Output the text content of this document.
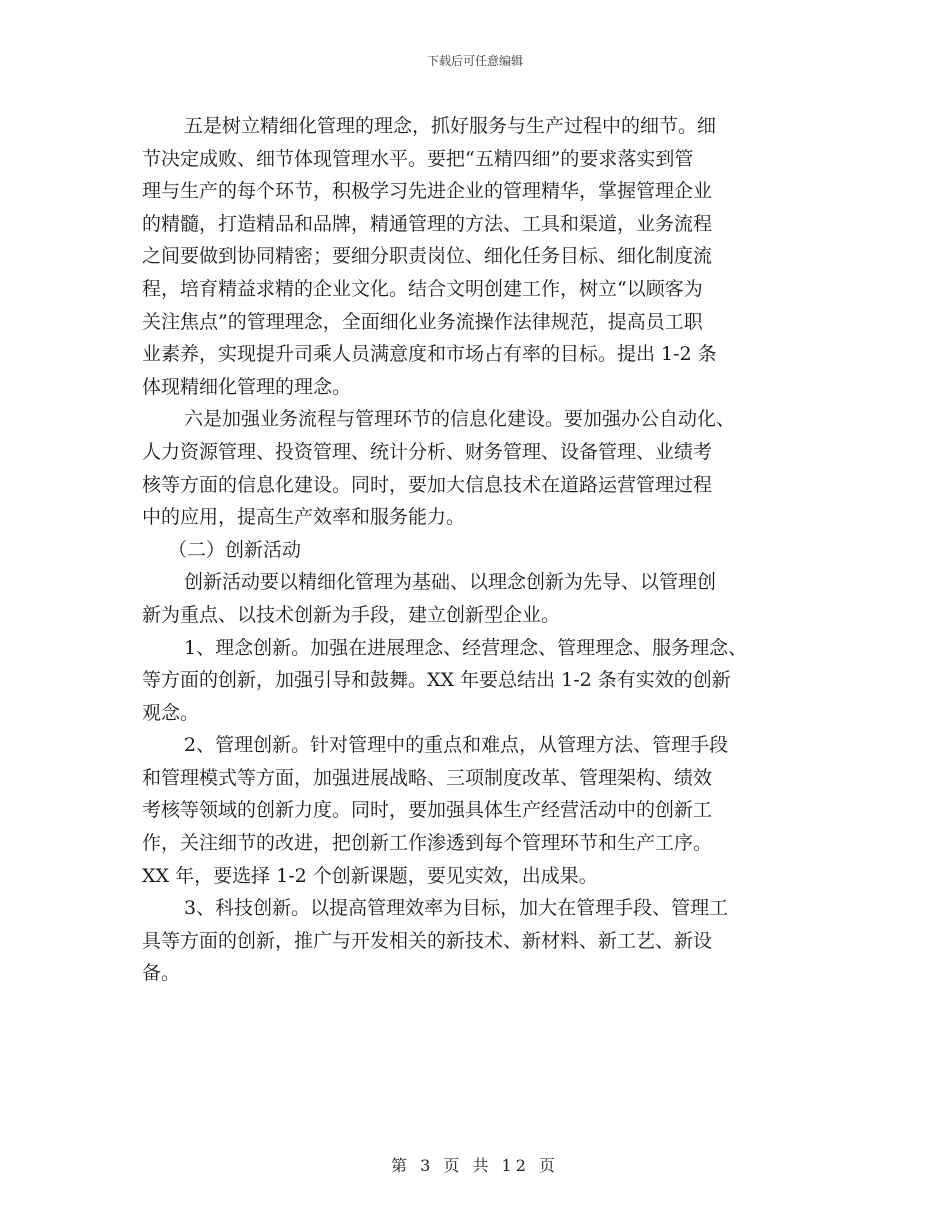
下载后可任意编辑
五是树立精细化管理的理念，抓好服务与生产过程中的细节。细
节决定成败、细节体现管理水平。要把“五精四细”的要求落实到管
理与生产的每个环节，积极学习先进企业的管理精华，掌握管理企业
的精髓，打造精品和品牌，精通管理的方法、工具和渠道，业务流程
之间要做到协同精密；要细分职责岗位、细化任务目标、细化制度流
程，培育精益求精的企业文化。结合文明创建工作，树立“以顾客为
关注焦点”的管理理念，全面细化业务流操作法律规范，提高员工职
业素养，实现提升司乘人员满意度和市场占有率的目标。提出 1-2 条
体现精细化管理的理念。
六是加强业务流程与管理环节的信息化建设。要加强办公自动化、
人力资源管理、投资管理、统计分析、财务管理、设备管理、业绩考
核等方面的信息化建设。同时，要加大信息技术在道路运营管理过程
中的应用，提高生产效率和服务能力。
（二）创新活动
创新活动要以精细化管理为基础、以理念创新为先导、以管理创
新为重点、以技术创新为手段，建立创新型企业。
1、理念创新。加强在进展理念、经营理念、管理理念、服务理念、
等方面的创新，加强引导和鼓舞。XX 年要总结出 1-2 条有实效的创新
观念。
2、管理创新。针对管理中的重点和难点，从管理方法、管理手段
和管理模式等方面，加强进展战略、三项制度改革、管理架构、绩效
考核等领域的创新力度。同时，要加强具体生产经营活动中的创新工
作，关注细节的改进，把创新工作渗透到每个管理环节和生产工序。
XX 年，要选择 1-2 个创新课题，要见实效，出成果。
3、科技创新。以提高管理效率为目标，加大在管理手段、管理工
具等方面的创新，推广与开发相关的新技术、新材料、新工艺、新设
备。
第 3 页 共 12 页
